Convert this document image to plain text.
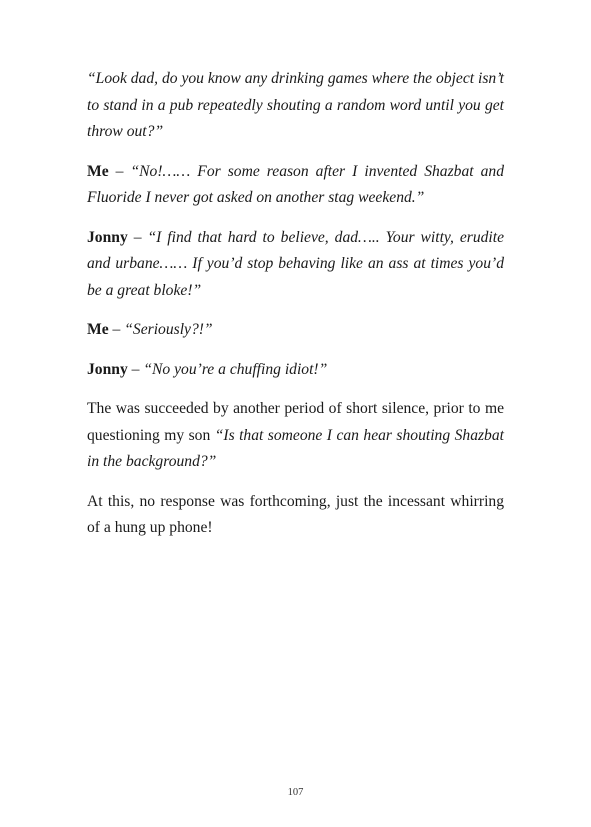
“Look dad, do you know any drinking games where the object isn’t to stand in a pub repeatedly shouting a random word until you get throw out?”

Me – “No!…… For some reason after I invented Shazbat and Fluoride I never got asked on another stag weekend.”

Jonny – “I find that hard to believe, dad….. Your witty, erudite and urbane…… If you’d stop behaving like an ass at times you’d be a great bloke!”

Me – “Seriously?!”

Jonny – “No you’re a chuffing idiot!”

The was succeeded by another period of short silence, prior to me questioning my son “Is that someone I can hear shouting Shazbat in the background?”

At this, no response was forthcoming, just the incessant whirring of a hung up phone!

107
